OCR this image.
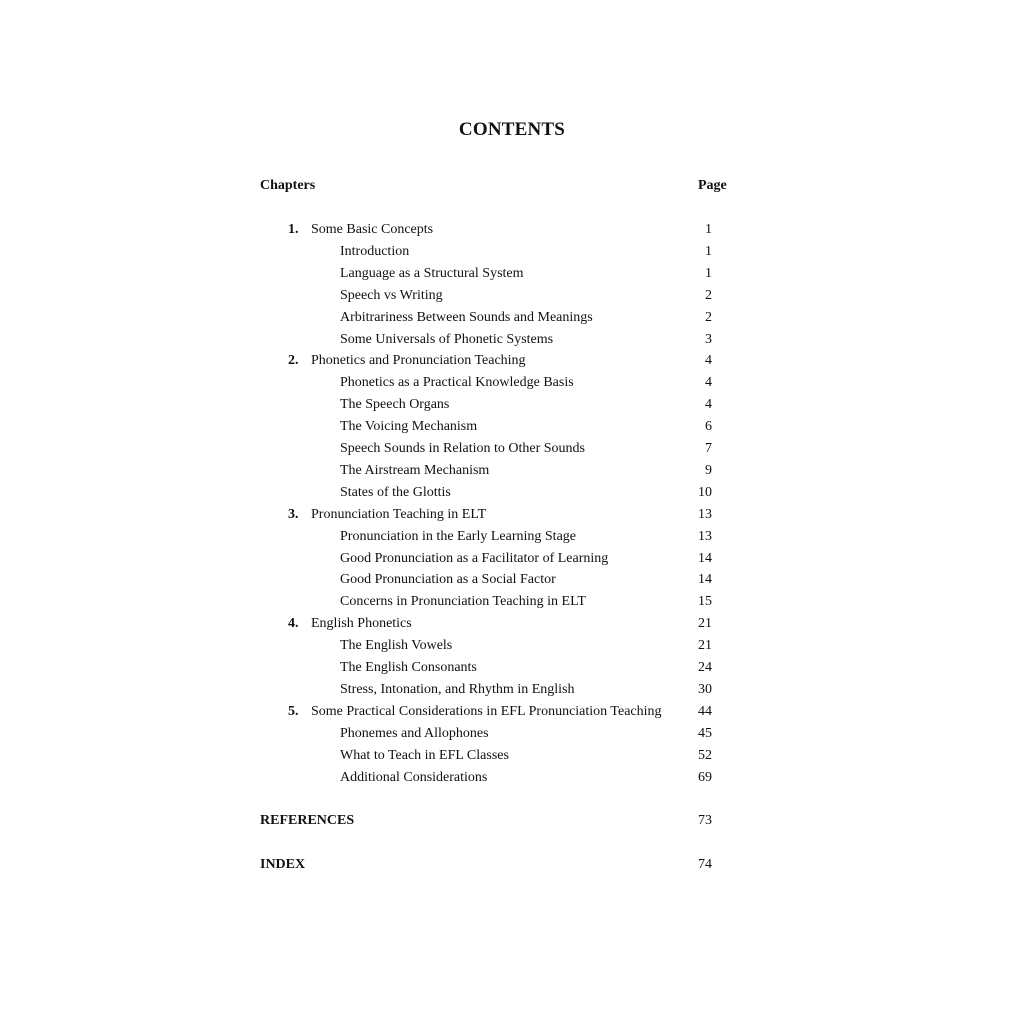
CONTENTS
Chapters	Page
1. Some Basic Concepts	1
Introduction	1
Language as a Structural System	1
Speech vs Writing	2
Arbitrariness Between Sounds and Meanings	2
Some Universals of Phonetic Systems	3
2. Phonetics and Pronunciation Teaching	4
Phonetics as a Practical Knowledge Basis	4
The Speech Organs	4
The Voicing Mechanism	6
Speech Sounds in Relation to Other Sounds	7
The Airstream Mechanism	9
States of the Glottis	10
3. Pronunciation Teaching in ELT	13
Pronunciation in the Early Learning Stage	13
Good Pronunciation as a Facilitator of Learning	14
Good Pronunciation as a Social Factor	14
Concerns in Pronunciation Teaching in ELT	15
4. English Phonetics	21
The English Vowels	21
The English Consonants	24
Stress, Intonation, and Rhythm in English	30
5. Some Practical Considerations in EFL Pronunciation Teaching	44
Phonemes and Allophones	45
What to Teach in EFL Classes	52
Additional Considerations	69
REFERENCES	73
INDEX	74
